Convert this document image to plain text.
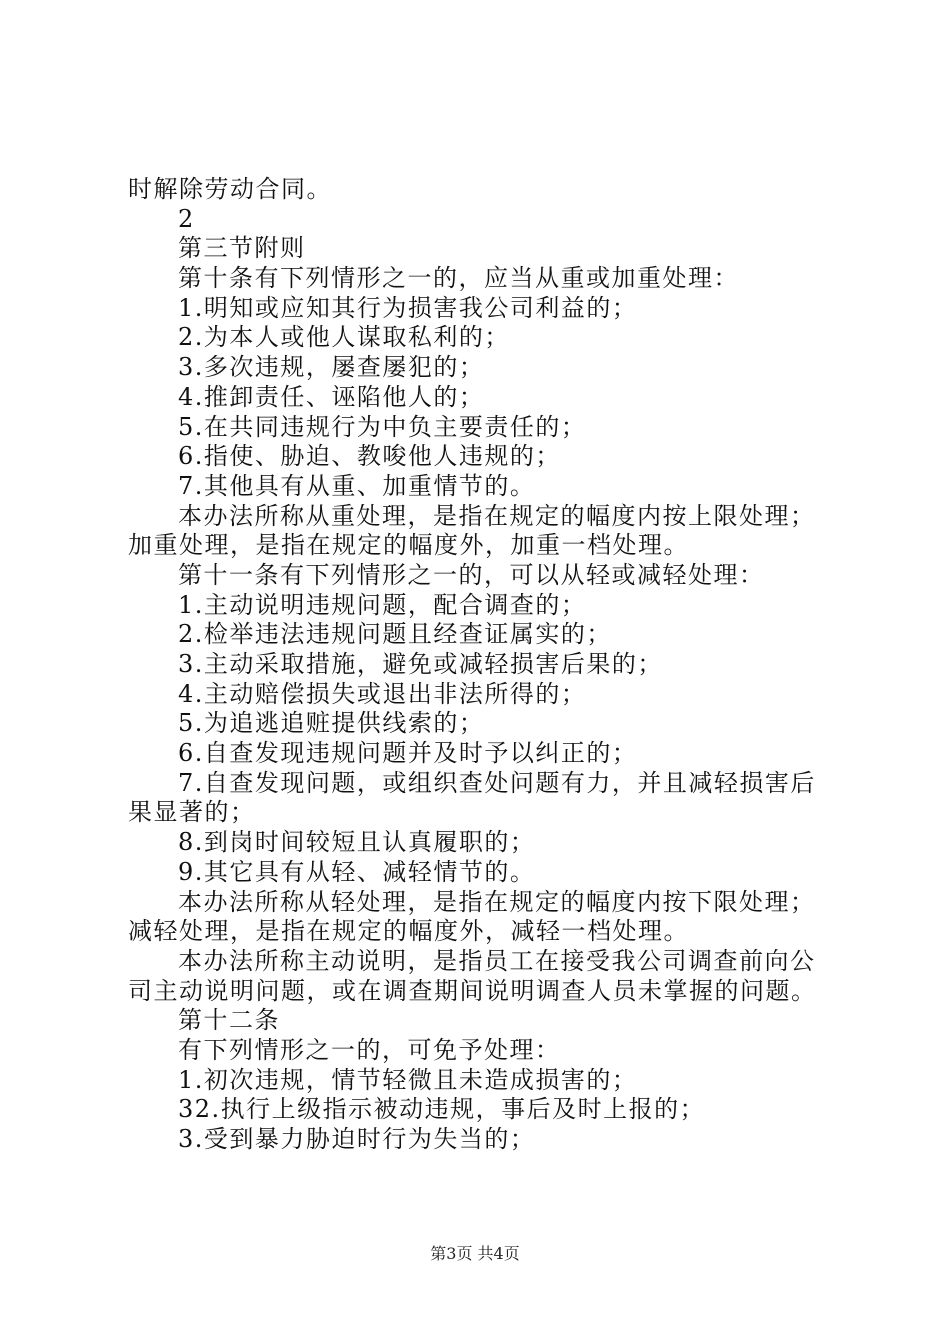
时解除劳动合同。
2
第三节附则
第十条有下列情形之一的，应当从重或加重处理：
1.明知或应知其行为损害我公司利益的；
2.为本人或他人谋取私利的；
3.多次违规，屡查屡犯的；
4.推卸责任、诬陷他人的；
5.在共同违规行为中负主要责任的；
6.指使、胁迫、教唆他人违规的；
7.其他具有从重、加重情节的。
本办法所称从重处理，是指在规定的幅度内按上限处理；
加重处理，是指在规定的幅度外，加重一档处理。
第十一条有下列情形之一的，可以从轻或减轻处理：
1.主动说明违规问题，配合调查的；
2.检举违法违规问题且经查证属实的；
3.主动采取措施，避免或减轻损害后果的；
4.主动赔偿损失或退出非法所得的；
5.为追逃追赃提供线索的；
6.自查发现违规问题并及时予以纠正的；
7.自查发现问题，或组织查处问题有力，并且减轻损害后
果显著的；
8.到岗时间较短且认真履职的；
9.其它具有从轻、减轻情节的。
本办法所称从轻处理，是指在规定的幅度内按下限处理；
减轻处理，是指在规定的幅度外，减轻一档处理。
本办法所称主动说明，是指员工在接受我公司调查前向公
司主动说明问题，或在调查期间说明调查人员未掌握的问题。
第十二条
有下列情形之一的，可免予处理：
1.初次违规，情节轻微且未造成损害的；
32.执行上级指示被动违规，事后及时上报的；
3.受到暴力胁迫时行为失当的；
第3页 共4页
